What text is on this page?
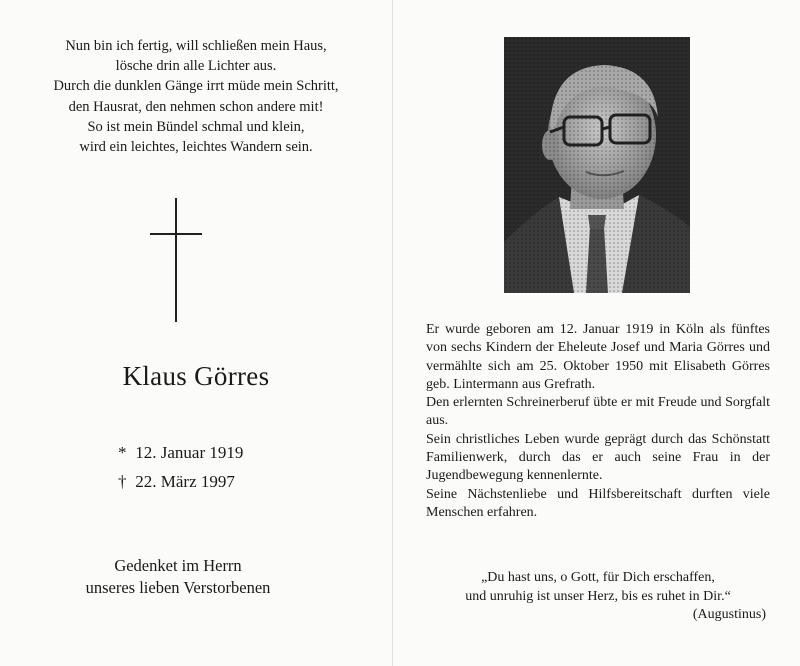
Nun bin ich fertig, will schließen mein Haus,
lösche drin alle Lichter aus.
Durch die dunklen Gänge irrt müde mein Schritt,
den Hausrat, den nehmen schon andere mit!
So ist mein Bündel schmal und klein,
wird ein leichtes, leichtes Wandern sein.
Klaus Görres
* 12. Januar 1919
† 22. März 1997
Gedenket im Herrn
unseres lieben Verstorbenen

Er wurde geboren am 12. Januar 1919 in Köln als fünftes von sechs Kindern der Eheleute Josef und Maria Görres und vermählte sich am 25. Oktober 1950 mit Elisabeth Görres geb. Lintermann aus Grefrath.

Den erlernten Schreinerberuf übte er mit Freude und Sorgfalt aus.

Sein christliches Leben wurde geprägt durch das Schönstatt Familienwerk, durch das er auch seine Frau in der Jugendbewegung kennenlernte.

Seine Nächstenliebe und Hilfsbereitschaft durften viele Menschen erfahren.

„Du hast uns, o Gott, für Dich erschaffen,
und unruhig ist unser Herz, bis es ruhet in Dir.“
(Augustinus)
